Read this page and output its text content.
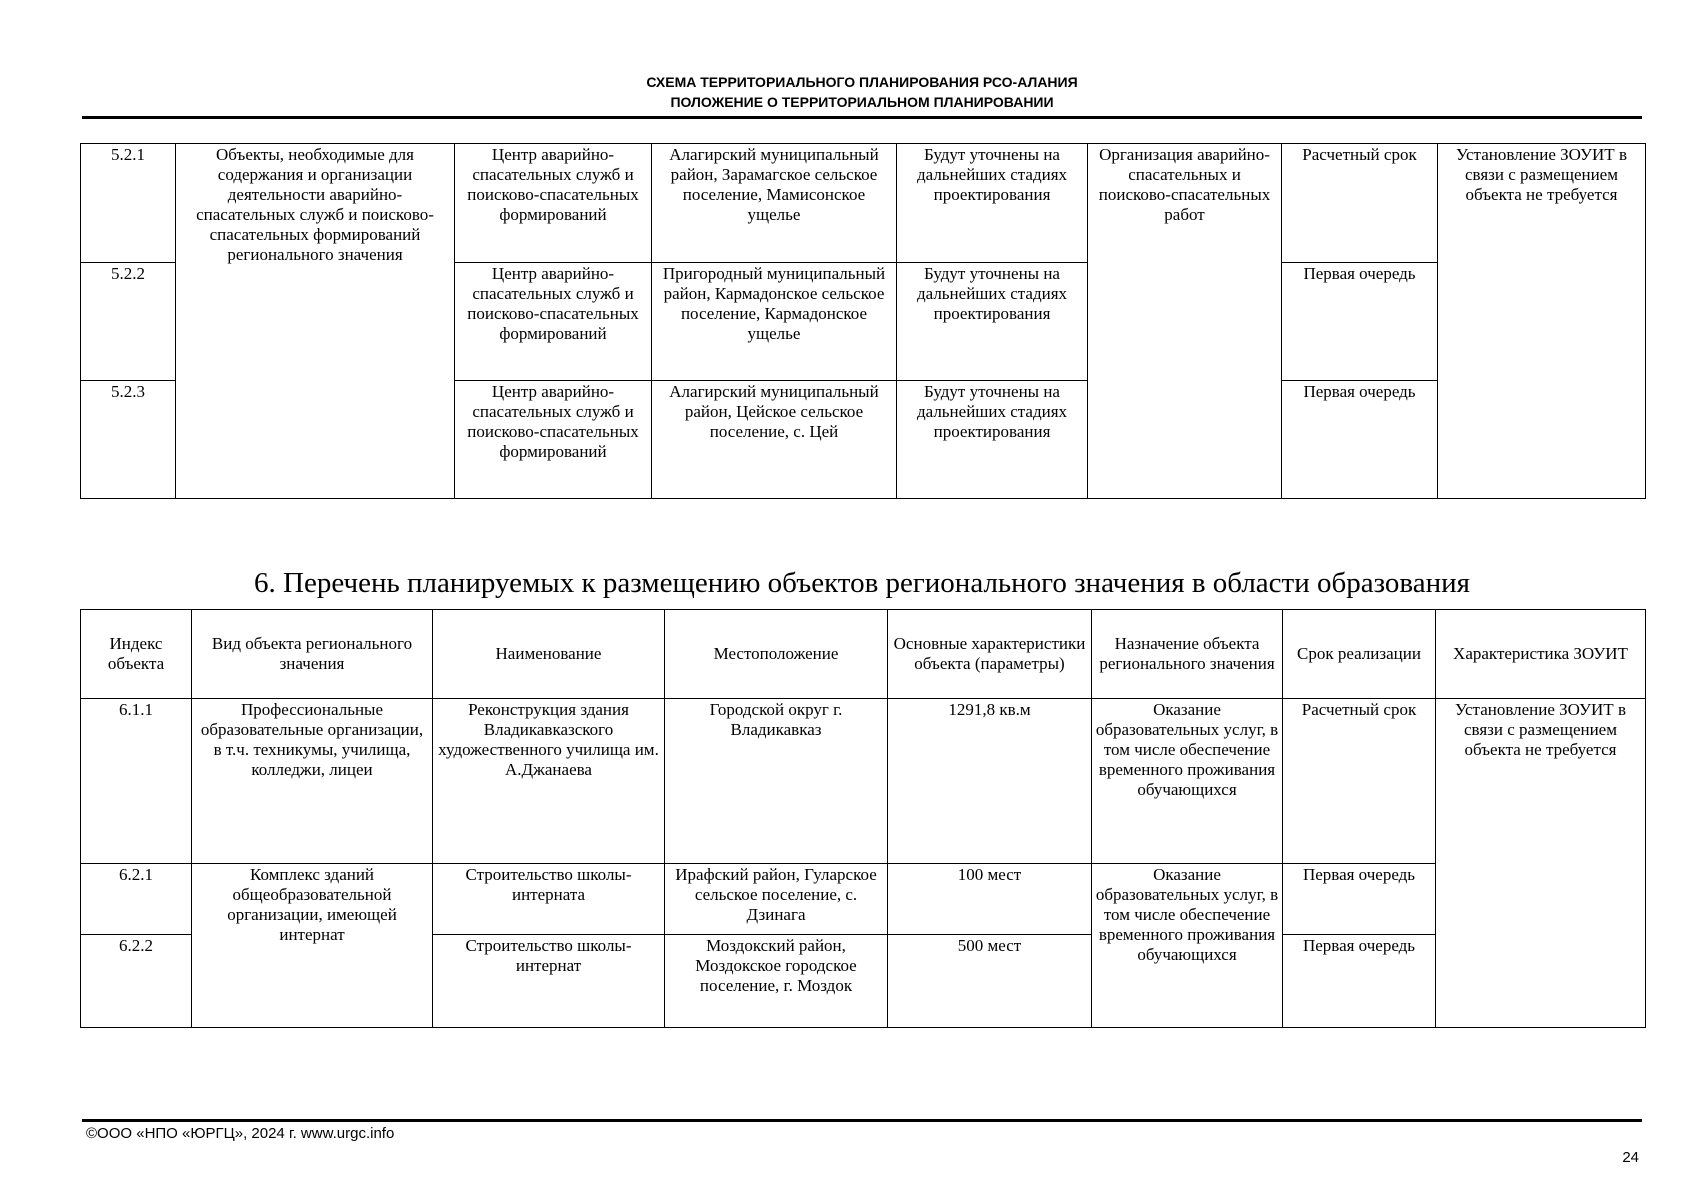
СХЕМА ТЕРРИТОРИАЛЬНОГО ПЛАНИРОВАНИЯ РСО-АЛАНИЯ
ПОЛОЖЕНИЕ О ТЕРРИТОРИАЛЬНОМ ПЛАНИРОВАНИИ
5.2.1	Объекты, необходимые для содержания и организации деятельности аварийно-спасательных служб и поисково-спасательных формирований регионального значения	Центр аварийно-спасательных служб и поисково-спасательных формирований	Алагирский муниципальный район, Зарамагское сельское поселение, Мамисонское ущелье	Будут уточнены на дальнейших стадиях проектирования	Организация аварийно-спасательных и поисково-спасательных работ	Расчетный срок	Установление ЗОУИТ в связи с размещением объекта не требуется
5.2.2		Центр аварийно-спасательных служб и поисково-спасательных формирований	Пригородный муниципальный район, Кармадонское сельское поселение, Кармадонское ущелье	Будут уточнены на дальнейших стадиях проектирования		Первая очередь	
5.2.3		Центр аварийно-спасательных служб и поисково-спасательных формирований	Алагирский муниципальный район, Цейское сельское поселение, с. Цей	Будут уточнены на дальнейших стадиях проектирования		Первая очередь	
6. Перечень планируемых к размещению объектов регионального значения в области образования
Индекс объекта	Вид объекта регионального значения	Наименование	Местоположение	Основные характеристики объекта (параметры)	Назначение объекта регионального значения	Срок реализации	Характеристика ЗОУИТ
6.1.1	Профессиональные образовательные организации, в т.ч. техникумы, училища, колледжи, лицеи	Реконструкция здания Владикавказского художественного училища им. А.Джанаева	Городской округ г. Владикавказ	1291,8 кв.м	Оказание образовательных услуг, в том числе обеспечение временного проживания обучающихся	Расчетный срок	Установление ЗОУИТ в связи с размещением объекта не требуется
6.2.1	Комплекс зданий общеобразовательной организации, имеющей интернат	Строительство школы-интерната	Ирафский район, Гуларское сельское поселение, с. Дзинага	100 мест	Оказание образовательных услуг, в том числе обеспечение временного проживания обучающихся	Первая очередь	
6.2.2		Строительство школы-интернат	Моздокский район, Моздокское городское поселение, г. Моздок	500 мест		Первая очередь	
©ООО «НПО «ЮРГЦ», 2024 г. www.urgc.info
24
